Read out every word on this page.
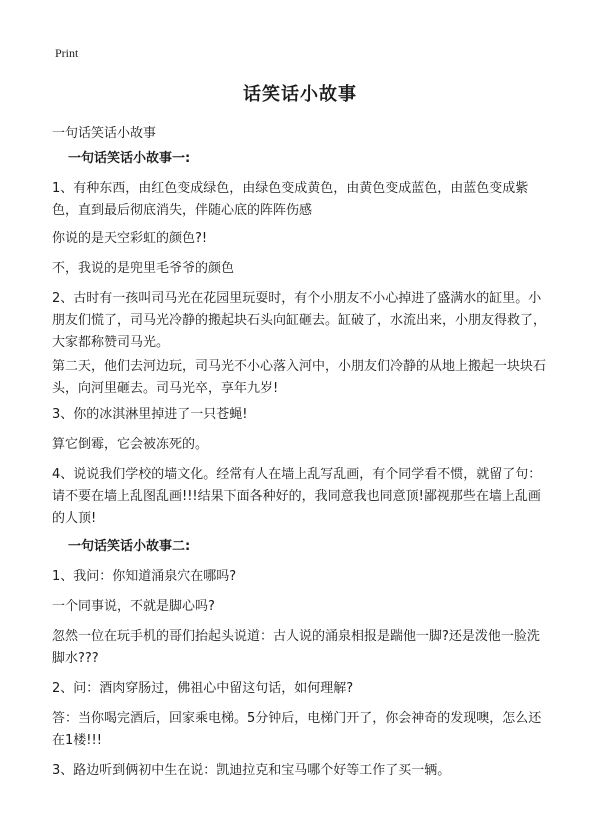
Print
话笑话小故事
一句话笑话小故事
一句话笑话小故事一:

1、有种东西，由红色变成绿色，由绿色变成黄色，由黄色变成蓝色，由蓝色变成紫色，直到最后彻底消失，伴随心底的阵阵伤感

你说的是天空彩虹的颜色?!

不，我说的是兜里毛爷爷的颜色

2、古时有一孩叫司马光在花园里玩耍时，有个小朋友不小心掉进了盛满水的缸里。小朋友们慌了，司马光冷静的搬起块石头向缸砸去。缸破了，水流出来，小朋友得救了，大家都称赞司马光。

第二天，他们去河边玩，司马光不小心落入河中，小朋友们冷静的从地上搬起一块块石头，向河里砸去。司马光卒，享年九岁!

3、你的冰淇淋里掉进了一只苍蝇!

算它倒霉，它会被冻死的。

4、说说我们学校的墙文化。经常有人在墙上乱写乱画，有个同学看不惯，就留了句：请不要在墙上乱图乱画!!!结果下面各种好的，我同意我也同意顶!鄙视那些在墙上乱画的人顶!

一句话笑话小故事二:

1、我问：你知道涌泉穴在哪吗?

一个同事说，不就是脚心吗?

忽然一位在玩手机的哥们抬起头说道：古人说的涌泉相报是踹他一脚?还是泼他一脸洗脚水???

2、问：酒肉穿肠过，佛祖心中留这句话，如何理解?

答：当你喝完酒后，回家乘电梯。5分钟后，电梯门开了，你会神奇的发现噢，怎么还在1楼!!!

3、路边听到俩初中生在说：凯迪拉克和宝马哪个好等工作了买一辆。
